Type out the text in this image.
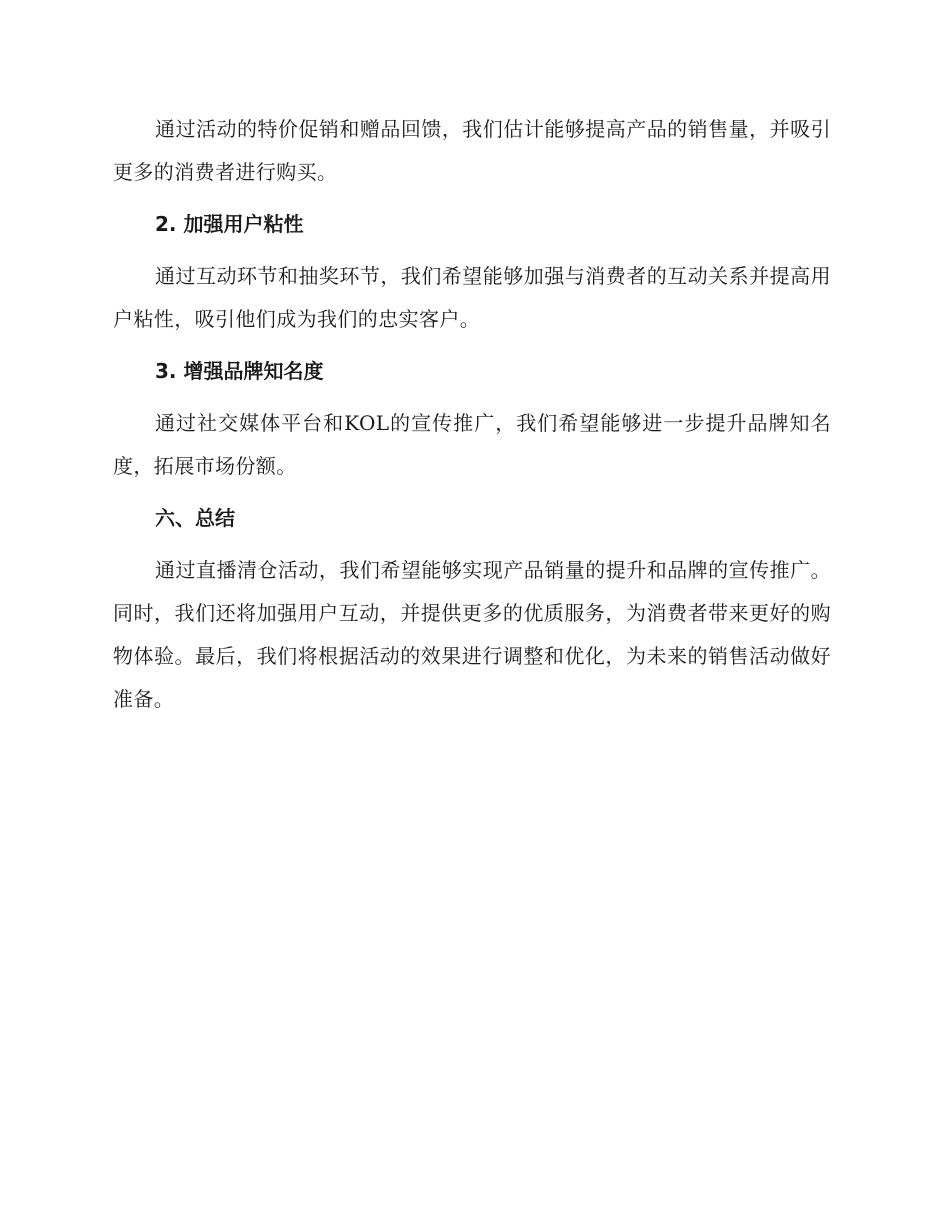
通过活动的特价促销和赠品回馈，我们估计能够提高产品的销售量，并吸引更多的消费者进行购买。

2. 加强用户粘性

通过互动环节和抽奖环节，我们希望能够加强与消费者的互动关系并提高用户粘性，吸引他们成为我们的忠实客户。

3. 增强品牌知名度

通过社交媒体平台和KOL的宣传推广，我们希望能够进一步提升品牌知名度，拓展市场份额。

六、总结

通过直播清仓活动，我们希望能够实现产品销量的提升和品牌的宣传推广。同时，我们还将加强用户互动，并提供更多的优质服务，为消费者带来更好的购物体验。最后，我们将根据活动的效果进行调整和优化，为未来的销售活动做好准备。
